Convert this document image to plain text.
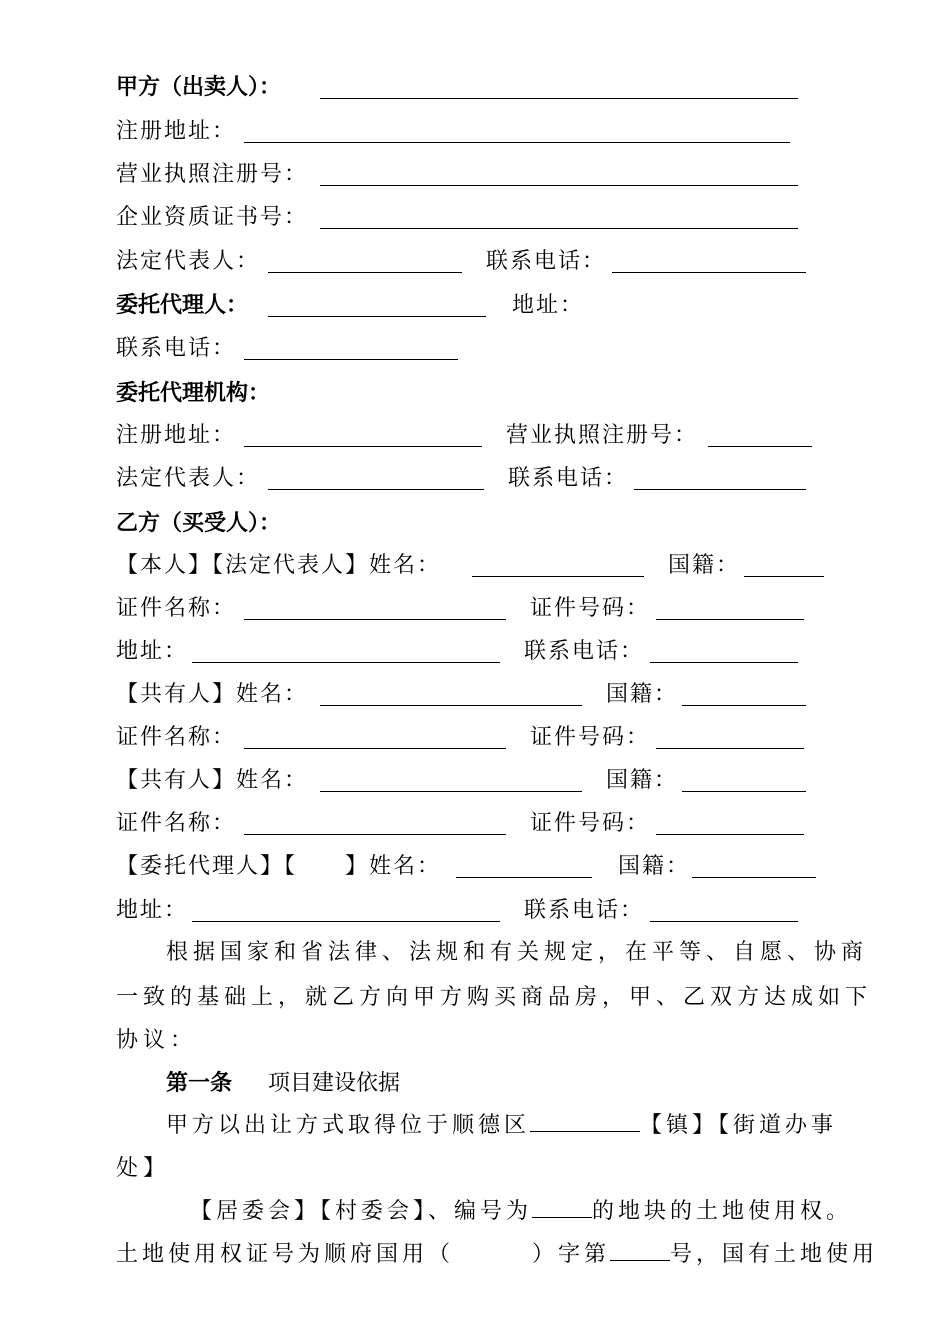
甲方（出卖人）：
注册地址：
营业执照注册号：
企业资质证书号：
法定代表人：	联系电话：
委托代理人：	地址：
联系电话：
委托代理机构：
注册地址：	营业执照注册号：
法定代表人：	联系电话：
乙方（买受人）：
【本人】【法定代表人】姓名：	国籍：
证件名称：	证件号码：
地址：	联系电话：
【共有人】姓名：	国籍：
证件名称：	证件号码：
【共有人】姓名：	国籍：
证件名称：	证件号码：
【委托代理人】【　　】姓名：	国籍：
地址：	联系电话：
根据国家和省法律、法规和有关规定，在平等、自愿、协商
一致的基础上，就乙方向甲方购买商品房，甲、乙双方达成如下
协议：
第一条 项目建设依据
甲方以出让方式取得位于顺德区	【镇】【街道办事
处】
【居委会】【村委会】、编号为	的地块的土地使用权。
土地使用权证号为顺府国用（　　　）字第	号，国有土地使用
